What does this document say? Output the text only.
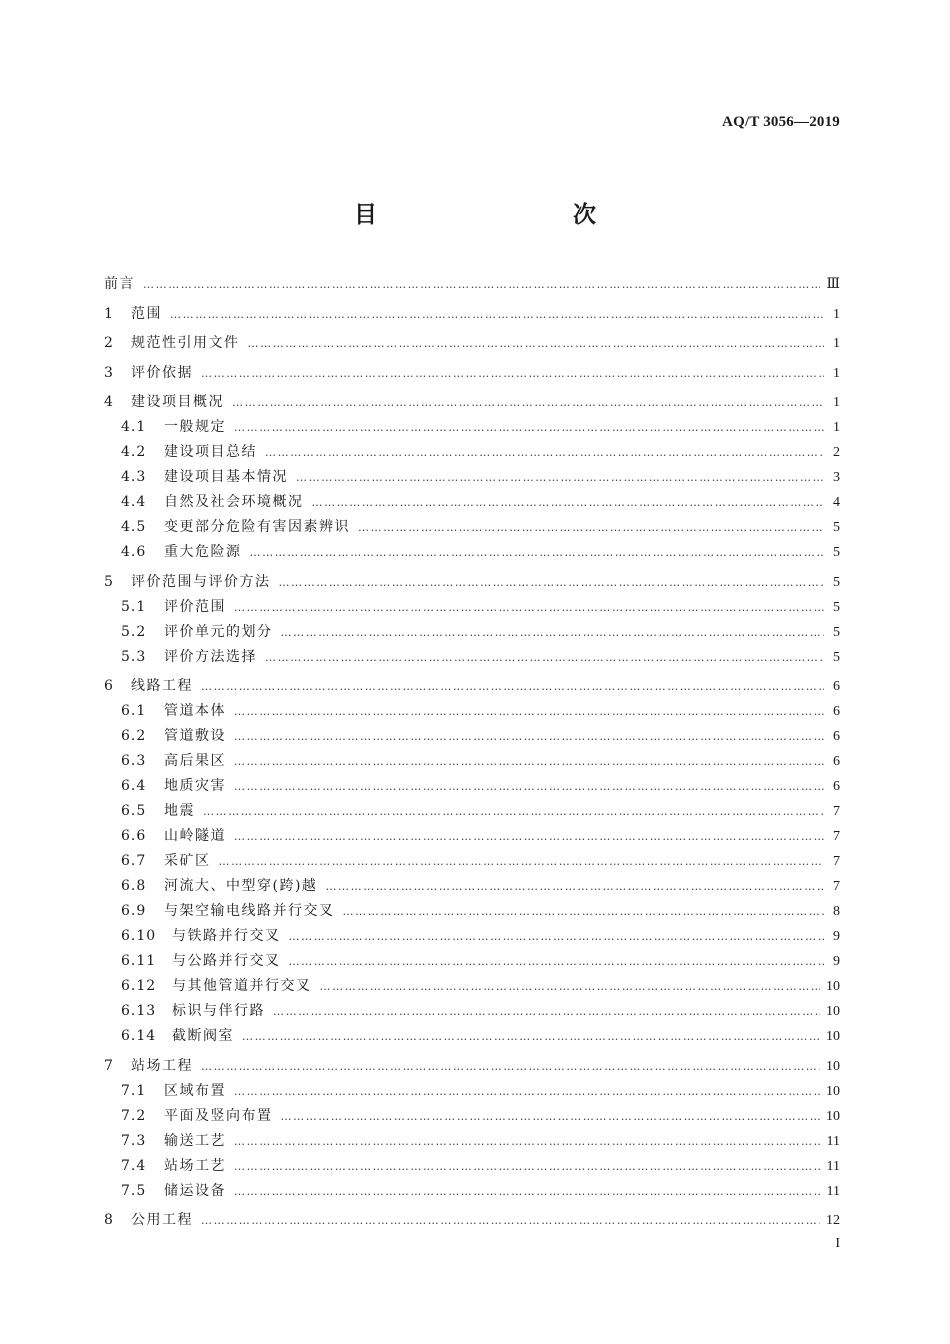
AQ/T 3056—2019
目　　次
前言 ……………………………………………………………………………………………………………………………………………………………………………………………………	Ⅲ
1	范围 ……………………………………………………………………………………………………………………………………………………………………………………………………	1
2	规范性引用文件 ……………………………………………………………………………………………………………………………………………………………………………………………………	1
3	评价依据 ……………………………………………………………………………………………………………………………………………………………………………………………………	1
4	建设项目概况 ……………………………………………………………………………………………………………………………………………………………………………………………………	1
4.1	一般规定 ……………………………………………………………………………………………………………………………………………………………………………………………………	1
4.2	建设项目总结 ……………………………………………………………………………………………………………………………………………………………………………………………………	2
4.3	建设项目基本情况 ……………………………………………………………………………………………………………………………………………………………………………………………………	3
4.4	自然及社会环境概况 ……………………………………………………………………………………………………………………………………………………………………………………………………	4
4.5	变更部分危险有害因素辨识 ……………………………………………………………………………………………………………………………………………………………………………………………………	5
4.6	重大危险源 ……………………………………………………………………………………………………………………………………………………………………………………………………	5
5	评价范围与评价方法 ……………………………………………………………………………………………………………………………………………………………………………………………………	5
5.1	评价范围 ……………………………………………………………………………………………………………………………………………………………………………………………………	5
5.2	评价单元的划分 ……………………………………………………………………………………………………………………………………………………………………………………………………	5
5.3	评价方法选择 ……………………………………………………………………………………………………………………………………………………………………………………………………	5
6	线路工程 ……………………………………………………………………………………………………………………………………………………………………………………………………	6
6.1	管道本体 ……………………………………………………………………………………………………………………………………………………………………………………………………	6
6.2	管道敷设 ……………………………………………………………………………………………………………………………………………………………………………………………………	6
6.3	高后果区 ……………………………………………………………………………………………………………………………………………………………………………………………………	6
6.4	地质灾害 ……………………………………………………………………………………………………………………………………………………………………………………………………	6
6.5	地震 ……………………………………………………………………………………………………………………………………………………………………………………………………	7
6.6	山岭隧道 ……………………………………………………………………………………………………………………………………………………………………………………………………	7
6.7	采矿区 ……………………………………………………………………………………………………………………………………………………………………………………………………	7
6.8	河流大、中型穿(跨)越 ……………………………………………………………………………………………………………………………………………………………………………………………………	7
6.9	与架空输电线路并行交叉 ……………………………………………………………………………………………………………………………………………………………………………………………………	8
6.10	与铁路并行交叉 ……………………………………………………………………………………………………………………………………………………………………………………………………	9
6.11	与公路并行交叉 ……………………………………………………………………………………………………………………………………………………………………………………………………	9
6.12	与其他管道并行交叉 ……………………………………………………………………………………………………………………………………………………………………………………………………	10
6.13	标识与伴行路 ……………………………………………………………………………………………………………………………………………………………………………………………………	10
6.14	截断阀室 ……………………………………………………………………………………………………………………………………………………………………………………………………	10
7	站场工程 ……………………………………………………………………………………………………………………………………………………………………………………………………	10
7.1	区域布置 ……………………………………………………………………………………………………………………………………………………………………………………………………	10
7.2	平面及竖向布置 ……………………………………………………………………………………………………………………………………………………………………………………………………	10
7.3	输送工艺 ……………………………………………………………………………………………………………………………………………………………………………………………………	11
7.4	站场工艺 ……………………………………………………………………………………………………………………………………………………………………………………………………	11
7.5	储运设备 ……………………………………………………………………………………………………………………………………………………………………………………………………	11
8	公用工程 ……………………………………………………………………………………………………………………………………………………………………………………………………	12
I
